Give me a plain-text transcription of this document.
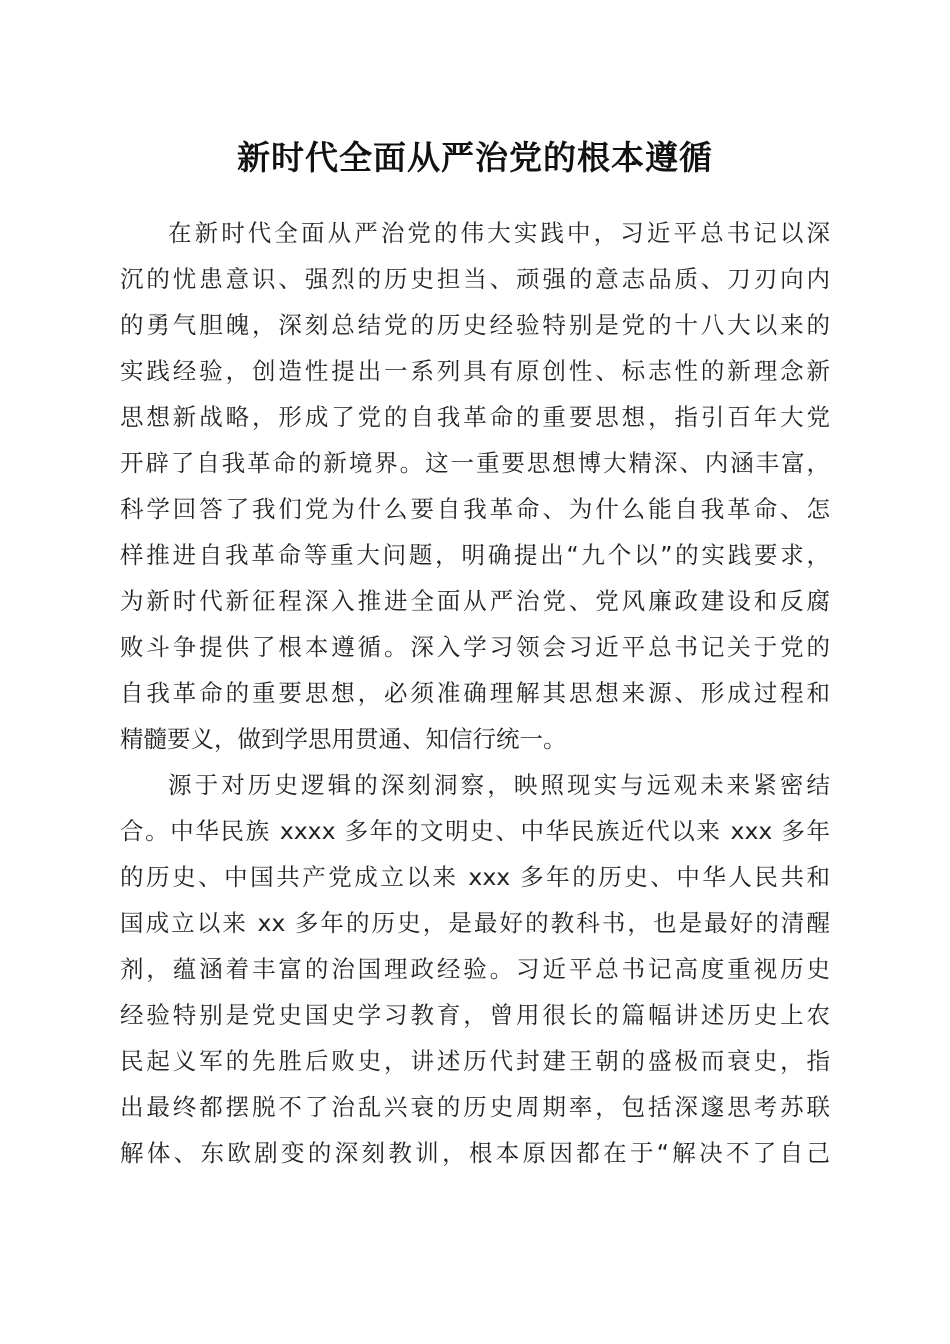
新时代全面从严治党的根本遵循
在新时代全面从严治党的伟大实践中，习近平总书记以深
沉的忧患意识、强烈的历史担当、顽强的意志品质、刀刃向内
的勇气胆魄，深刻总结党的历史经验特别是党的十八大以来的
实践经验，创造性提出一系列具有原创性、标志性的新理念新
思想新战略，形成了党的自我革命的重要思想，指引百年大党
开辟了自我革命的新境界。这一重要思想博大精深、内涵丰富，
科学回答了我们党为什么要自我革命、为什么能自我革命、怎
样推进自我革命等重大问题，明确提出“九个以”的实践要求，
为新时代新征程深入推进全面从严治党、党风廉政建设和反腐
败斗争提供了根本遵循。深入学习领会习近平总书记关于党的
自我革命的重要思想，必须准确理解其思想来源、形成过程和
精髓要义，做到学思用贯通、知信行统一。
源于对历史逻辑的深刻洞察，映照现实与远观未来紧密结
合。中华民族 xxxx 多年的文明史、中华民族近代以来 xxx 多年
的历史、中国共产党成立以来 xxx 多年的历史、中华人民共和
国成立以来 xx 多年的历史，是最好的教科书，也是最好的清醒
剂，蕴涵着丰富的治国理政经验。习近平总书记高度重视历史
经验特别是党史国史学习教育，曾用很长的篇幅讲述历史上农
民起义军的先胜后败史，讲述历代封建王朝的盛极而衰史，指
出最终都摆脱不了治乱兴衰的历史周期率，包括深邃思考苏联
解体、东欧剧变的深刻教训，根本原因都在于“解决不了自己
